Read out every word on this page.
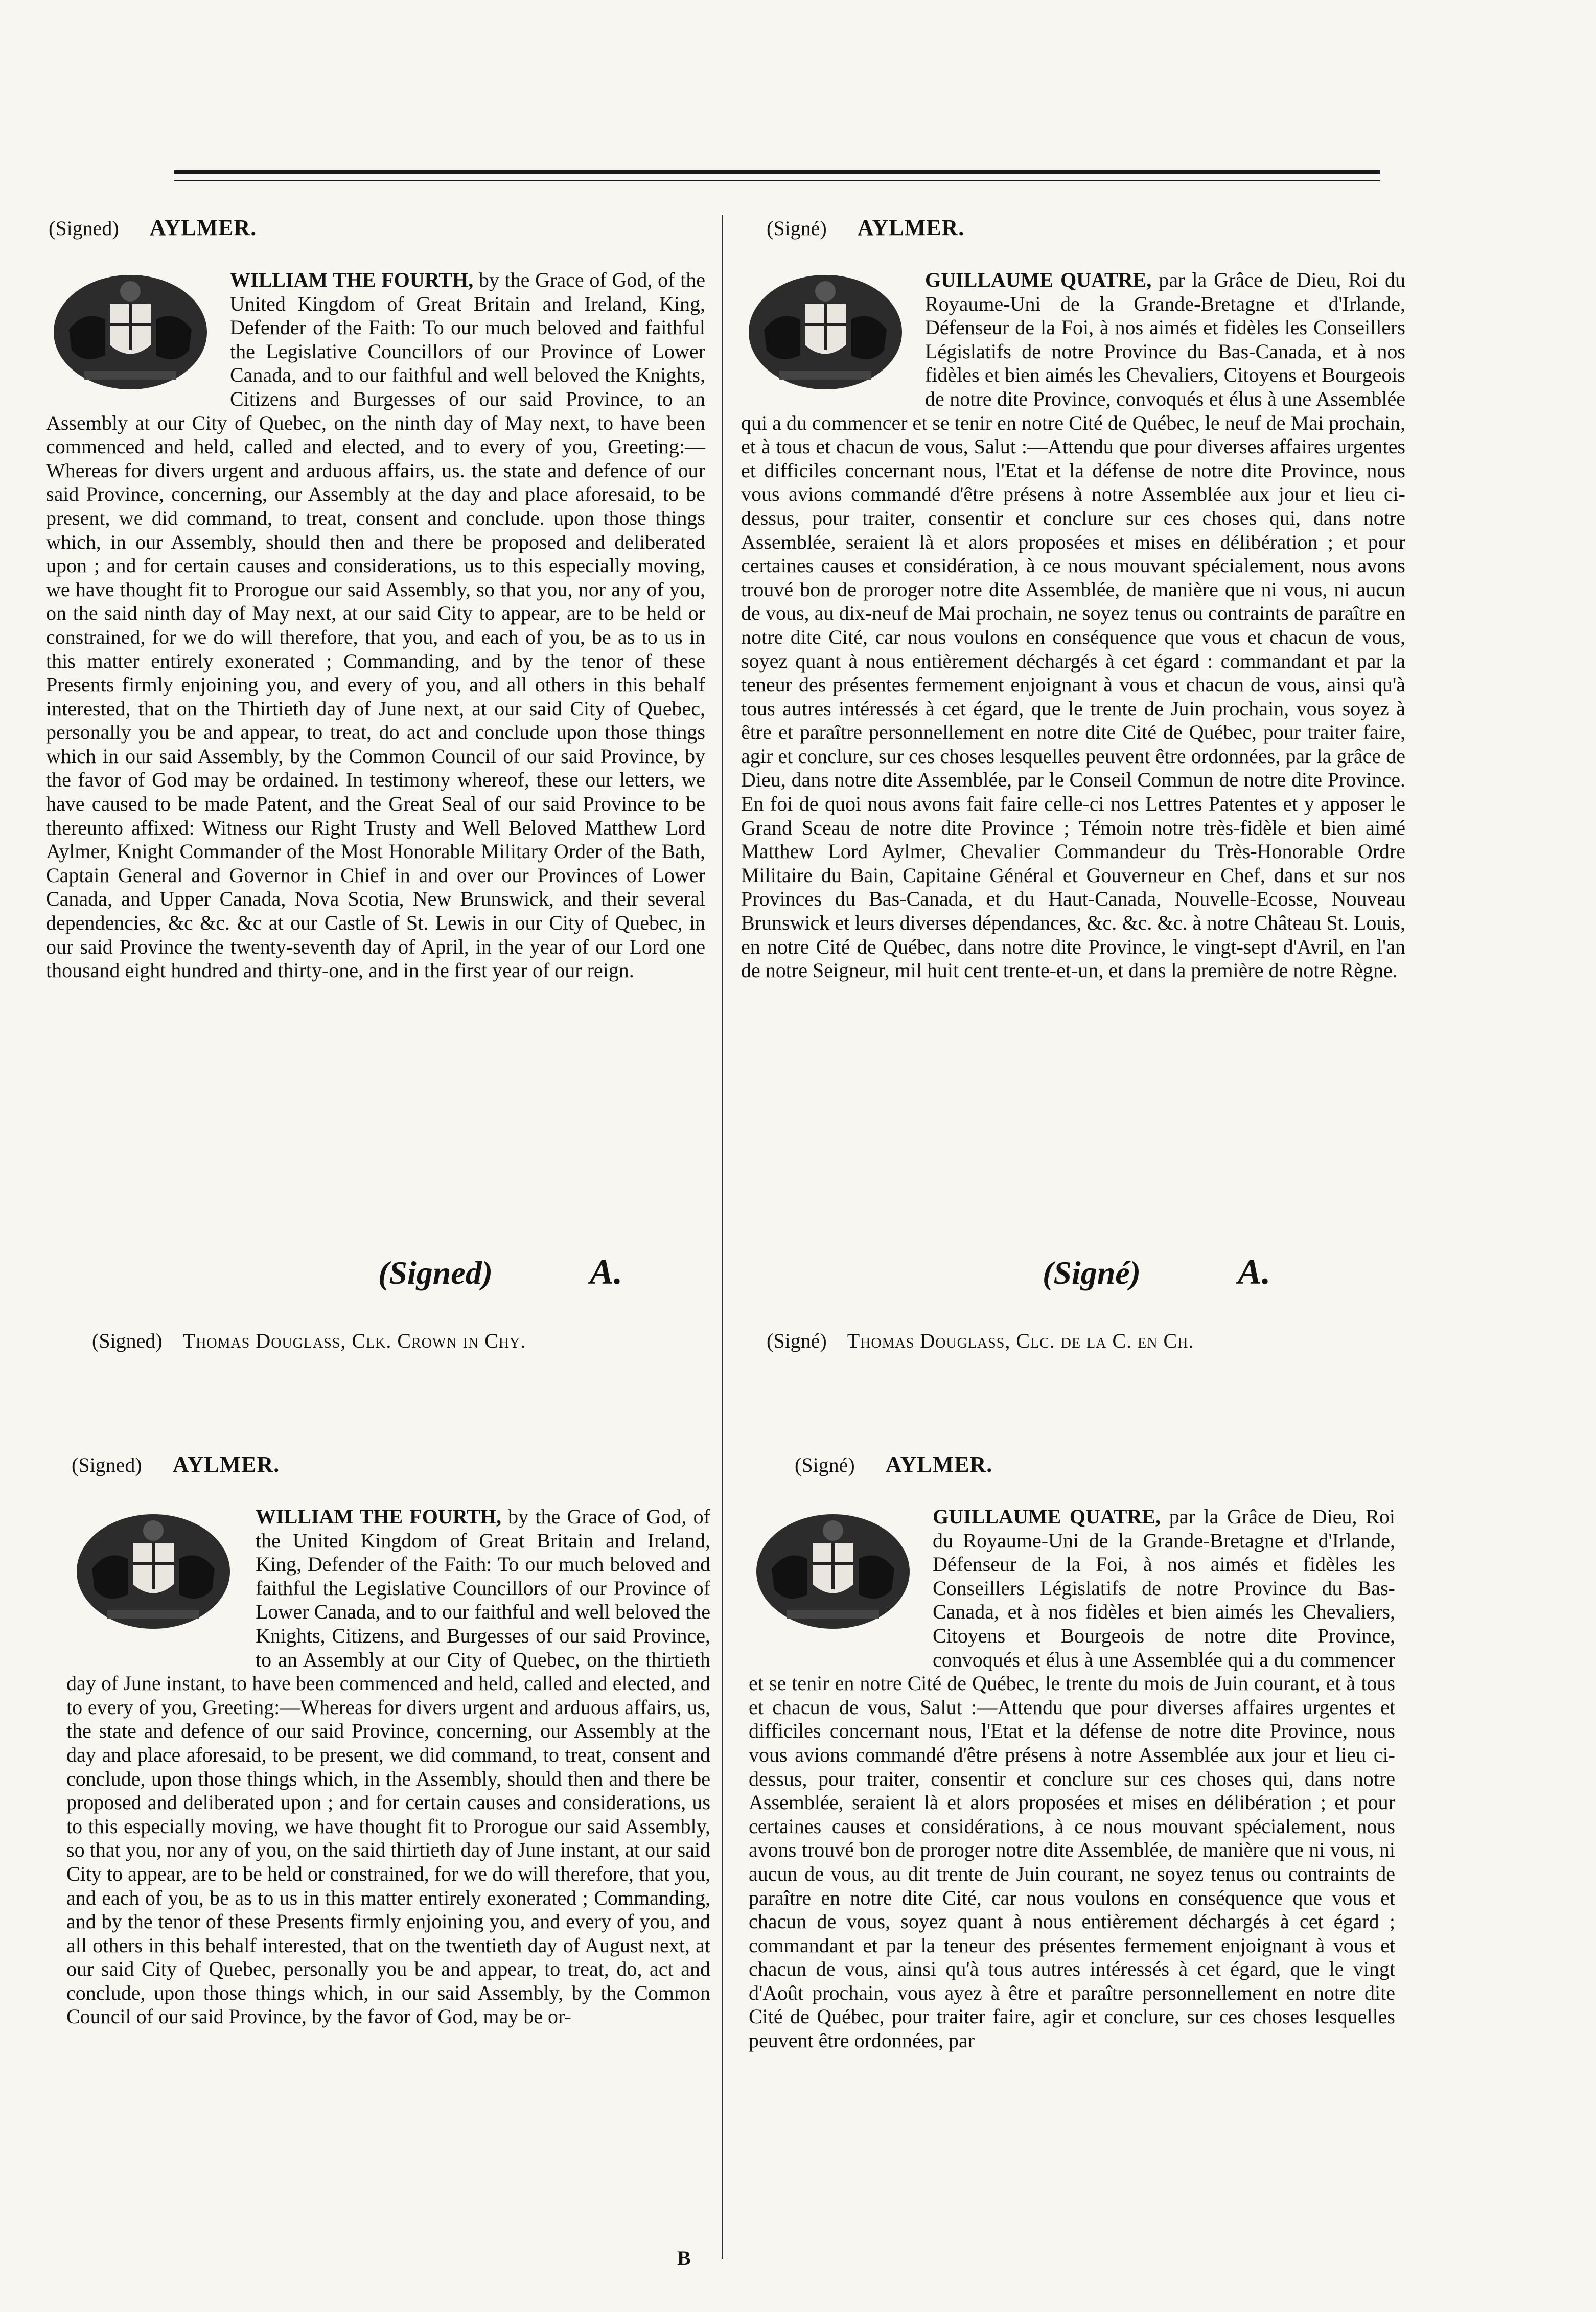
(Signed) AYLMER.

WILLIAM THE FOURTH, by the Grace of God, of the United Kingdom of Great Britain and Ireland, King, Defender of the Faith: To our much beloved and faithful the Legislative Councillors of our Province of Lower Canada, and to our faithful and well beloved the Knights, Citizens and Burgesses of our said Province, to an Assembly at our City of Quebec, on the ninth day of May next, to have been commenced and held, called and elected, and to every of you, Greeting:—Whereas for divers urgent and arduous affairs, us. the state and defence of our said Province, concerning, our Assembly at the day and place aforesaid, to be present, we did command, to treat, consent and conclude. upon those things which, in our Assembly, should then and there be proposed and deliberated upon ; and for certain causes and considerations, us to this especially moving, we have thought fit to Prorogue our said Assembly, so that you, nor any of you, on the said ninth day of May next, at our said City to appear, are to be held or constrained, for we do will therefore, that you, and each of you, be as to us in this matter entirely exonerated ; Commanding, and by the tenor of these Presents firmly enjoining you, and every of you, and all others in this behalf interested, that on the Thirtieth day of June next, at our said City of Quebec, personally you be and appear, to treat, do act and conclude upon those things which in our said Assembly, by the Common Council of our said Province, by the favor of God may be ordained. In testimony whereof, these our letters, we have caused to be made Patent, and the Great Seal of our said Province to be thereunto affixed: Witness our Right Trusty and Well Beloved Matthew Lord Aylmer, Knight Commander of the Most Honorable Military Order of the Bath, Captain General and Governor in Chief in and over our Provinces of Lower Canada, and Upper Canada, Nova Scotia, New Brunswick, and their several dependencies, &c &c. &c at our Castle of St. Lewis in our City of Quebec, in our said Province the twenty-seventh day of April, in the year of our Lord one thousand eight hundred and thirty-one, and in the first year of our reign.

(Signed)	A.
(Signed) Thomas Douglass, Clk. Crown in Chy.
(Signé) AYLMER.

GUILLAUME QUATRE, par la Grâce de Dieu, Roi du Royaume-Uni de la Grande-Bretagne et d'Irlande, Défenseur de la Foi, à nos aimés et fidèles les Conseillers Législatifs de notre Province du Bas-Canada, et à nos fidèles et bien aimés les Chevaliers, Citoyens et Bourgeois de notre dite Province, convoqués et élus à une Assemblée qui a du commencer et se tenir en notre Cité de Québec, le neuf de Mai prochain, et à tous et chacun de vous, Salut :—Attendu que pour diverses affaires urgentes et difficiles concernant nous, l'Etat et la défense de notre dite Province, nous vous avions commandé d'être présens à notre Assemblée aux jour et lieu ci-dessus, pour traiter, consentir et conclure sur ces choses qui, dans notre Assemblée, seraient là et alors proposées et mises en délibération ; et pour certaines causes et considération, à ce nous mouvant spécialement, nous avons trouvé bon de proroger notre dite Assemblée, de manière que ni vous, ni aucun de vous, au dix-neuf de Mai prochain, ne soyez tenus ou contraints de paraître en notre dite Cité, car nous voulons en conséquence que vous et chacun de vous, soyez quant à nous entièrement déchargés à cet égard : commandant et par la teneur des présentes fermement enjoignant à vous et chacun de vous, ainsi qu'à tous autres intéressés à cet égard, que le trente de Juin prochain, vous soyez à être et paraître personnellement en notre dite Cité de Québec, pour traiter faire, agir et conclure, sur ces choses lesquelles peuvent être ordonnées, par la grâce de Dieu, dans notre dite Assemblée, par le Conseil Commun de notre dite Province. En foi de quoi nous avons fait faire celle-ci nos Lettres Patentes et y apposer le Grand Sceau de notre dite Province ; Témoin notre très-fidèle et bien aimé Matthew Lord Aylmer, Chevalier Commandeur du Très-Honorable Ordre Militaire du Bain, Capitaine Général et Gouverneur en Chef, dans et sur nos Provinces du Bas-Canada, et du Haut-Canada, Nouvelle-Ecosse, Nouveau Brunswick et leurs diverses dépendances, &c. &c. &c. à notre Château St. Louis, en notre Cité de Québec, dans notre dite Province, le vingt-sept d'Avril, en l'an de notre Seigneur, mil huit cent trente-et-un, et dans la première de notre Règne.

(Signé)	A.
(Signé) Thomas Douglass, Clc. de la C. en Ch.
(Signed) AYLMER.

WILLIAM THE FOURTH, by the Grace of God, of the United Kingdom of Great Britain and Ireland, King, Defender of the Faith: To our much beloved and faithful the Legislative Councillors of our Province of Lower Canada, and to our faithful and well beloved the Knights, Citizens, and Burgesses of our said Province, to an Assembly at our City of Quebec, on the thirtieth day of June instant, to have been commenced and held, called and elected, and to every of you, Greeting:—Whereas for divers urgent and arduous affairs, us, the state and defence of our said Province, concerning, our Assembly at the day and place aforesaid, to be present, we did command, to treat, consent and conclude, upon those things which, in the Assembly, should then and there be proposed and deliberated upon ; and for certain causes and considerations, us to this especially moving, we have thought fit to Prorogue our said Assembly, so that you, nor any of you, on the said thirtieth day of June instant, at our said City to appear, are to be held or constrained, for we do will therefore, that you, and each of you, be as to us in this matter entirely exonerated ; Commanding, and by the tenor of these Presents firmly enjoining you, and every of you, and all others in this behalf interested, that on the twentieth day of August next, at our said City of Quebec, personally you be and appear, to treat, do, act and conclude, upon those things which, in our said Assembly, by the Common Council of our said Province, by the favor of God, may be or-

(Signé) AYLMER.

GUILLAUME QUATRE, par la Grâce de Dieu, Roi du Royaume-Uni de la Grande-Bretagne et d'Irlande, Défenseur de la Foi, à nos aimés et fidèles les Conseillers Législatifs de notre Province du Bas-Canada, et à nos fidèles et bien aimés les Chevaliers, Citoyens et Bourgeois de notre dite Province, convoqués et élus à une Assemblée qui a du commencer et se tenir en notre Cité de Québec, le trente du mois de Juin courant, et à tous et chacun de vous, Salut :—Attendu que pour diverses affaires urgentes et difficiles concernant nous, l'Etat et la défense de notre dite Province, nous vous avions commandé d'être présens à notre Assemblée aux jour et lieu ci-dessus, pour traiter, consentir et conclure sur ces choses qui, dans notre Assemblée, seraient là et alors proposées et mises en délibération ; et pour certaines causes et considérations, à ce nous mouvant spécialement, nous avons trouvé bon de proroger notre dite Assemblée, de manière que ni vous, ni aucun de vous, au dit trente de Juin courant, ne soyez tenus ou contraints de paraître en notre dite Cité, car nous voulons en conséquence que vous et chacun de vous, soyez quant à nous entièrement déchargés à cet égard ; commandant et par la teneur des présentes fermement enjoignant à vous et chacun de vous, ainsi qu'à tous autres intéressés à cet égard, que le vingt d'Août prochain, vous ayez à être et paraître personnellement en notre dite Cité de Québec, pour traiter faire, agir et conclure, sur ces choses lesquelles peuvent être ordonnées, par

B
